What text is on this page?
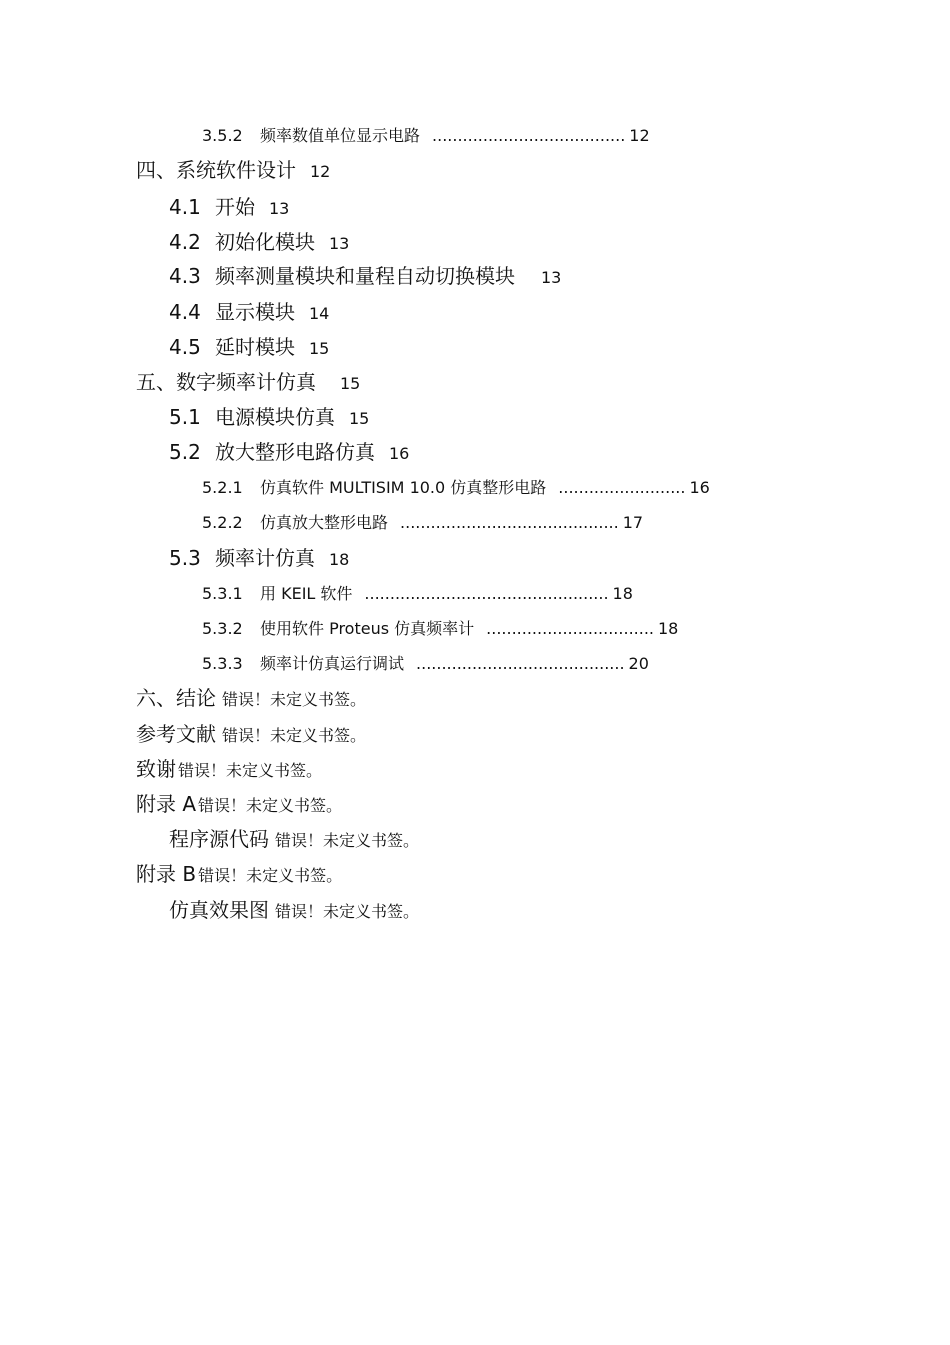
3.5.2 频率数值单位显示电路 ...................................... 12
四、系统软件设计 12
4.1 开始 13
4.2 初始化模块 13
4.3 频率测量模块和量程自动切换模块 13
4.4 显示模块 14
4.5 延时模块 15
五、数字频率计仿真 15
5.1 电源模块仿真 15
5.2 放大整形电路仿真 16
5.2.1 仿真软件 MULTISIM 10.0 仿真整形电路 ......................... 16
5.2.2 仿真放大整形电路 ........................................... 17
5.3 频率计仿真 18
5.3.1 用 KEIL 软件 ................................................ 18
5.3.2 使用软件 Proteus 仿真频率计 ................................. 18
5.3.3 频率计仿真运行调试 ......................................... 20
六、结论 错误！未定义书签。
参考文献 错误！未定义书签。
致谢 错误！未定义书签。
附录 A 错误！未定义书签。
程序源代码 错误！未定义书签。
附录 B 错误！未定义书签。
仿真效果图 错误！未定义书签。
